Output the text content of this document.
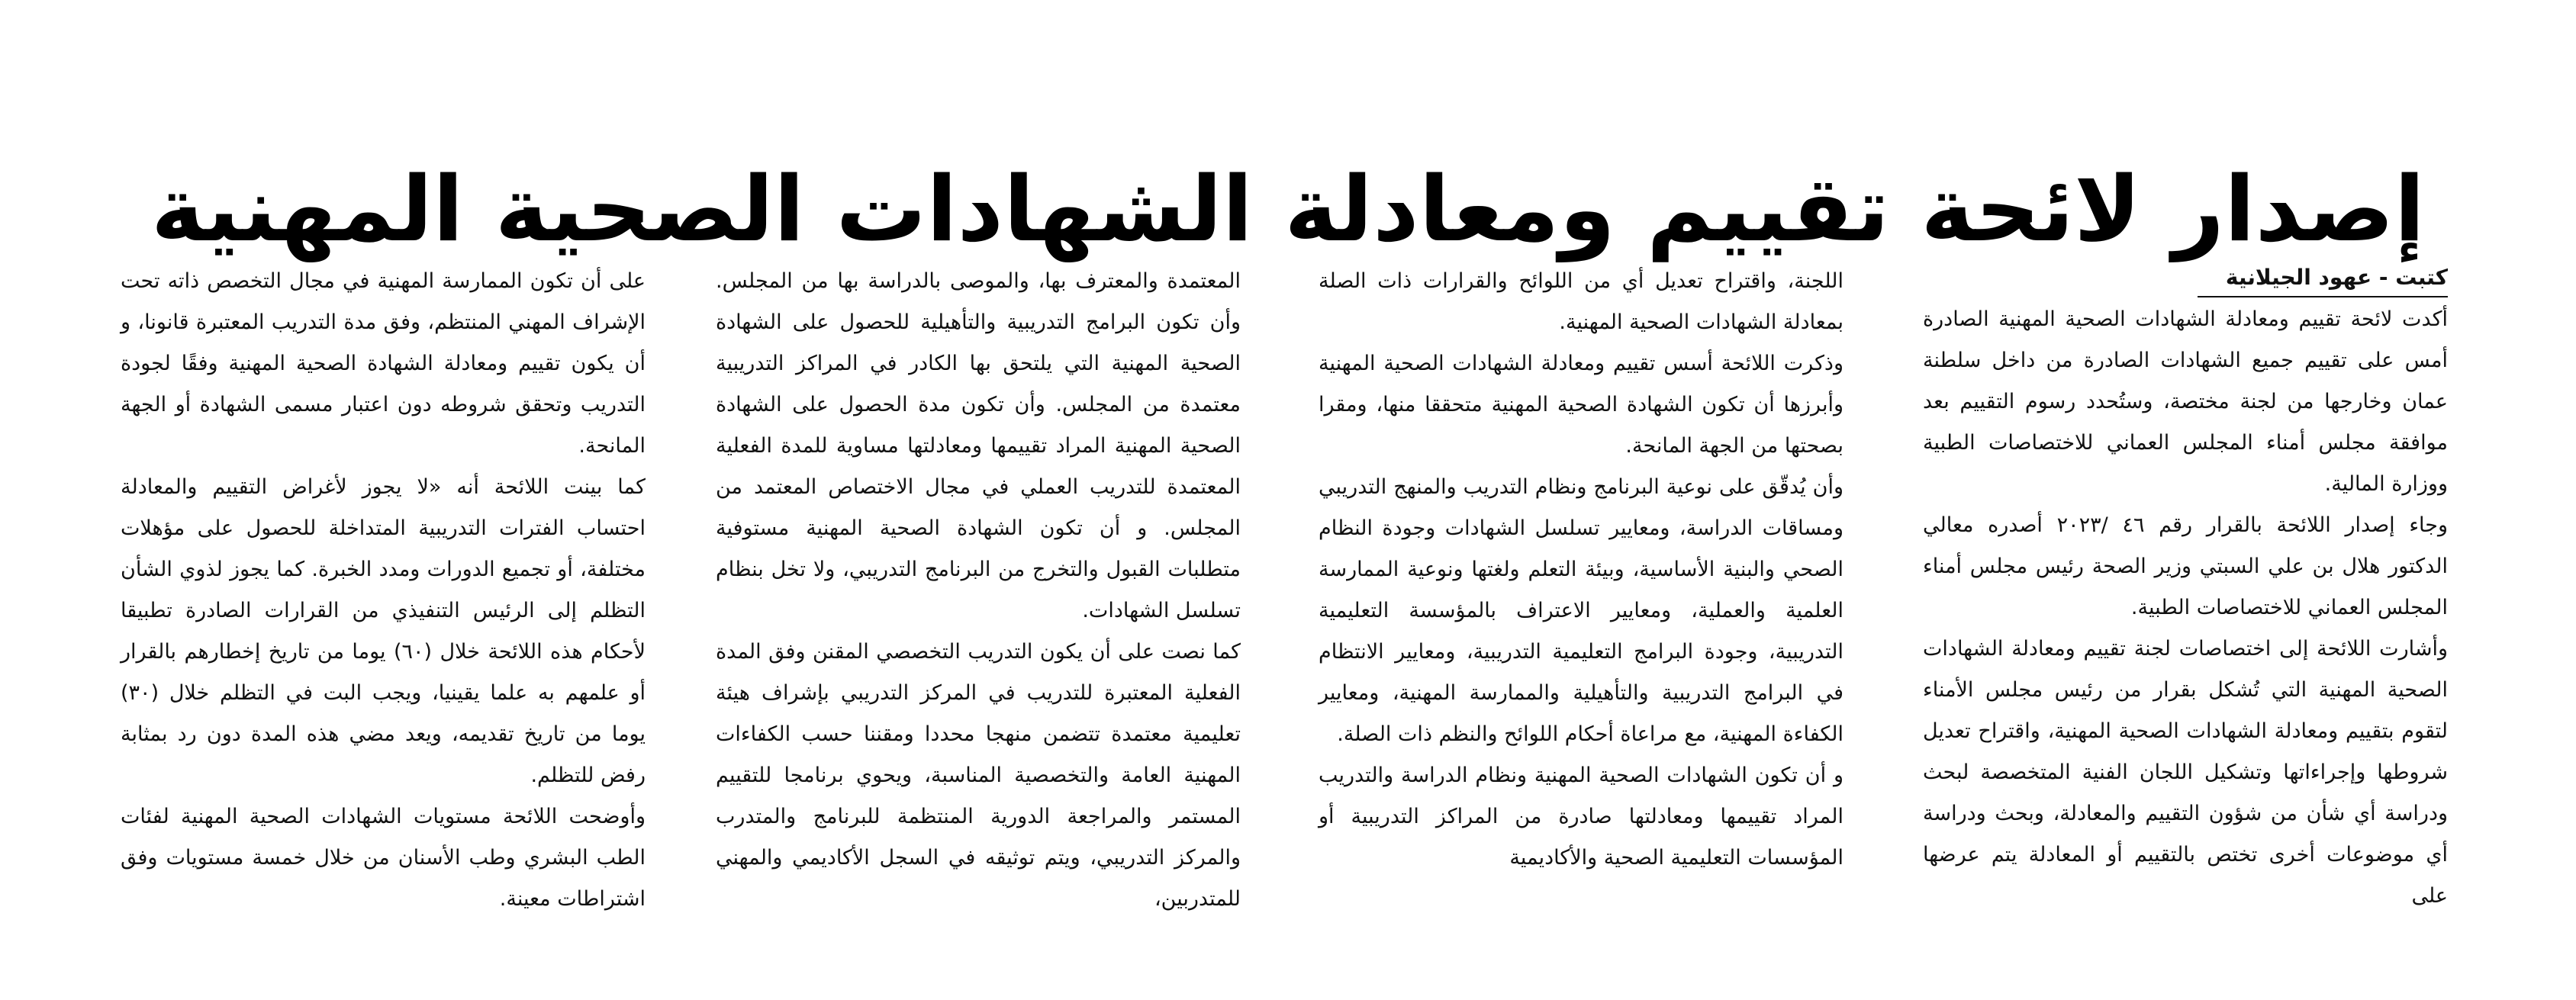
إصدار لائحة تقييم ومعادلة الشهادات الصحية المهنية
كتبت - عهود الجيلانية

أكدت لائحة تقييم ومعادلة الشهادات الصحية المهنية الصادرة أمس على تقييم جميع الشهادات الصادرة من داخل سلطنة عمان وخارجها من لجنة مختصة، وستُحدد رسوم التقييم بعد موافقة مجلس أمناء المجلس العماني للاختصاصات الطبية ووزارة المالية.

وجاء إصدار اللائحة بالقرار رقم ٤٦ /٢٠٢٣ أصدره معالي الدكتور هلال بن علي السبتي وزير الصحة رئيس مجلس أمناء المجلس العماني للاختصاصات الطبية.

وأشارت اللائحة إلى اختصاصات لجنة تقييم ومعادلة الشهادات الصحية المهنية التي تُشكل بقرار من رئيس مجلس الأمناء لتقوم بتقييم ومعادلة الشهادات الصحية المهنية، واقتراح تعديل شروطها وإجراءاتها وتشكيل اللجان الفنية المتخصصة لبحث ودراسة أي شأن من شؤون التقييم والمعادلة، وبحث ودراسة أي موضوعات أخرى تختص بالتقييم أو المعادلة يتم عرضها على

اللجنة، واقتراح تعديل أي من اللوائح والقرارات ذات الصلة بمعادلة الشهادات الصحية المهنية.

وذكرت اللائحة أسس تقييم ومعادلة الشهادات الصحية المهنية وأبرزها أن تكون الشهادة الصحية المهنية متحققا منها، ومقرا بصحتها من الجهة المانحة.

وأن يُدقّق على نوعية البرنامج ونظام التدريب والمنهج التدريبي ومساقات الدراسة، ومعايير تسلسل الشهادات وجودة النظام الصحي والبنية الأساسية، وبيئة التعلم ولغتها ونوعية الممارسة العلمية والعملية، ومعايير الاعتراف بالمؤسسة التعليمية التدريبية، وجودة البرامج التعليمية التدريبية، ومعايير الانتظام في البرامج التدريبية والتأهيلية والممارسة المهنية، ومعايير الكفاءة المهنية، مع مراعاة أحكام اللوائح والنظم ذات الصلة.

و أن تكون الشهادات الصحية المهنية ونظام الدراسة والتدريب المراد تقييمها ومعادلتها صادرة من المراكز التدريبية أو المؤسسات التعليمية الصحية والأكاديمية

المعتمدة والمعترف بها، والموصى بالدراسة بها من المجلس. وأن تكون البرامج التدريبية والتأهيلية للحصول على الشهادة الصحية المهنية التي يلتحق بها الكادر في المراكز التدريبية معتمدة من المجلس. وأن تكون مدة الحصول على الشهادة الصحية المهنية المراد تقييمها ومعادلتها مساوية للمدة الفعلية المعتمدة للتدريب العملي في مجال الاختصاص المعتمد من المجلس. و أن تكون الشهادة الصحية المهنية مستوفية متطلبات القبول والتخرج من البرنامج التدريبي، ولا تخل بنظام تسلسل الشهادات.

كما نصت على أن يكون التدريب التخصصي المقنن وفق المدة الفعلية المعتبرة للتدريب في المركز التدريبي بإشراف هيئة تعليمية معتمدة تتضمن منهجا محددا ومقننا حسب الكفاءات المهنية العامة والتخصصية المناسبة، ويحوي برنامجا للتقييم المستمر والمراجعة الدورية المنتظمة للبرنامج والمتدرب والمركز التدريبي، ويتم توثيقه في السجل الأكاديمي والمهني للمتدربين،

على أن تكون الممارسة المهنية في مجال التخصص ذاته تحت الإشراف المهني المنتظم، وفق مدة التدريب المعتبرة قانونا، و أن يكون تقييم ومعادلة الشهادة الصحية المهنية وفقًا لجودة التدريب وتحقق شروطه دون اعتبار مسمى الشهادة أو الجهة المانحة.

كما بينت اللائحة أنه «لا يجوز لأغراض التقييم والمعادلة احتساب الفترات التدريبية المتداخلة للحصول على مؤهلات مختلفة، أو تجميع الدورات ومدد الخبرة. كما يجوز لذوي الشأن التظلم إلى الرئيس التنفيذي من القرارات الصادرة تطبيقا لأحكام هذه اللائحة خلال (٦٠) يوما من تاريخ إخطارهم بالقرار أو علمهم به علما يقينيا، ويجب البت في التظلم خلال (٣٠) يوما من تاريخ تقديمه، ويعد مضي هذه المدة دون رد بمثابة رفض للتظلم.

وأوضحت اللائحة مستويات الشهادات الصحية المهنية لفئات الطب البشري وطب الأسنان من خلال خمسة مستويات وفق اشتراطات معينة.
